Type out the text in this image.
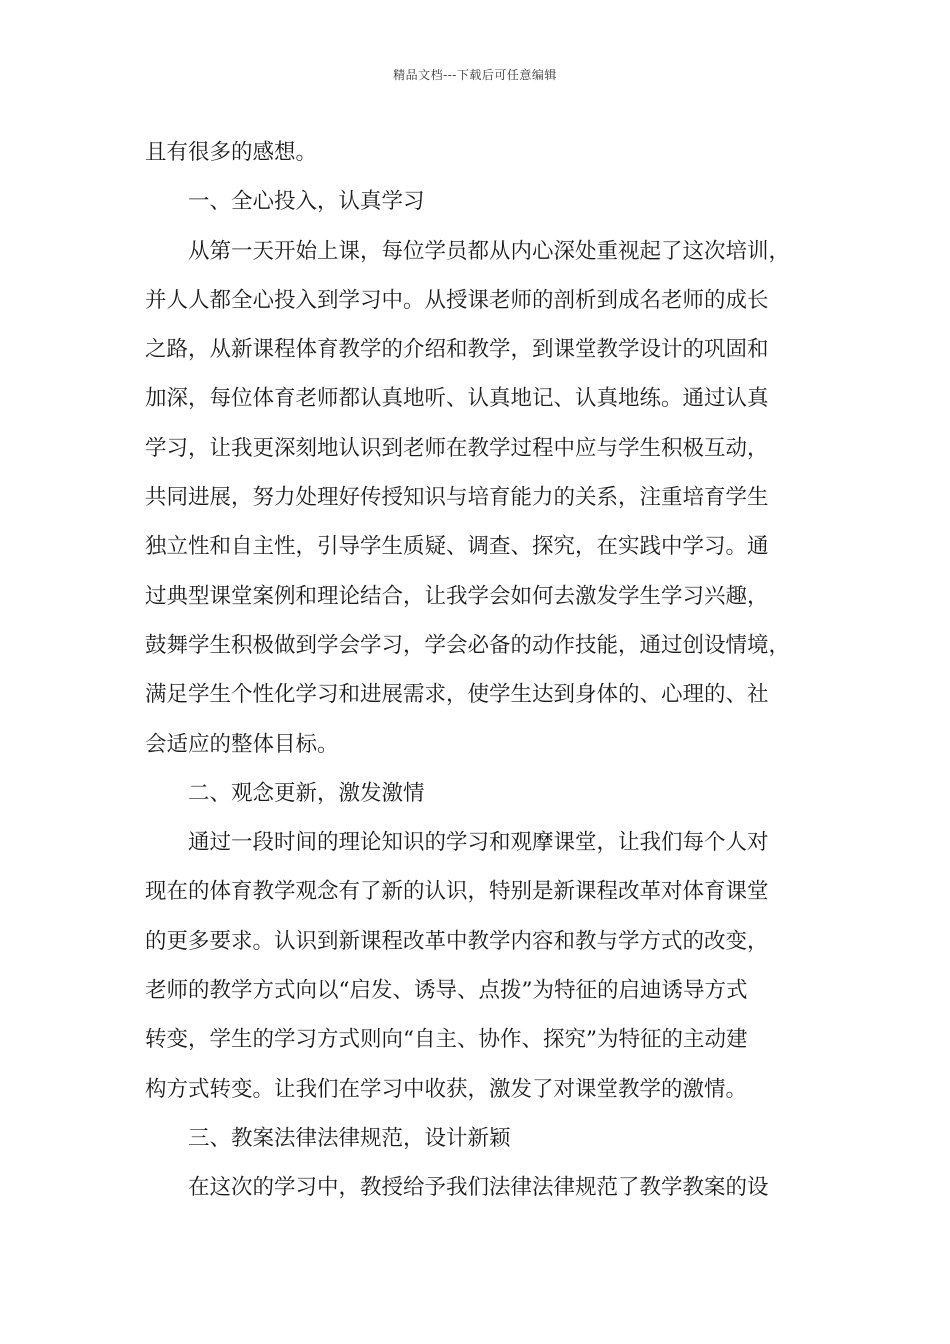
精品文档---下载后可任意编辑
且有很多的感想。
一、全心投入，认真学习
从第一天开始上课，每位学员都从内心深处重视起了这次培训，
并人人都全心投入到学习中。从授课老师的剖析到成名老师的成长
之路，从新课程体育教学的介绍和教学，到课堂教学设计的巩固和
加深，每位体育老师都认真地听、认真地记、认真地练。通过认真
学习，让我更深刻地认识到老师在教学过程中应与学生积极互动，
共同进展，努力处理好传授知识与培育能力的关系，注重培育学生
独立性和自主性，引导学生质疑、调查、探究，在实践中学习。通
过典型课堂案例和理论结合，让我学会如何去激发学生学习兴趣，
鼓舞学生积极做到学会学习，学会必备的动作技能，通过创设情境，
满足学生个性化学习和进展需求，使学生达到身体的、心理的、社
会适应的整体目标。
二、观念更新，激发激情
通过一段时间的理论知识的学习和观摩课堂，让我们每个人对
现在的体育教学观念有了新的认识，特别是新课程改革对体育课堂
的更多要求。认识到新课程改革中教学内容和教与学方式的改变，
老师的教学方式向以“启发、诱导、点拨”为特征的启迪诱导方式
转变，学生的学习方式则向“自主、协作、探究”为特征的主动建
构方式转变。让我们在学习中收获，激发了对课堂教学的激情。
三、教案法律法律规范，设计新颖
在这次的学习中，教授给予我们法律法律规范了教学教案的设
